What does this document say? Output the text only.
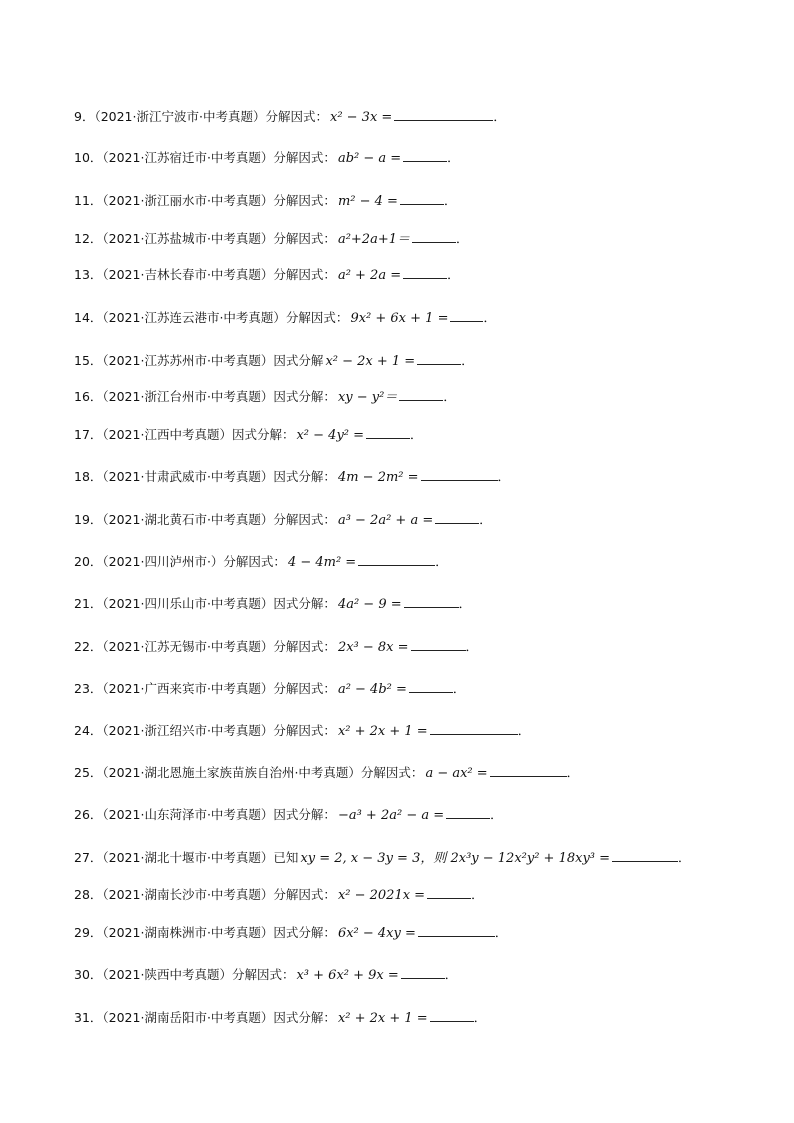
9．（2021·浙江宁波市·中考真题）分解因式： x² − 3x =	．
10．（2021·江苏宿迁市·中考真题）分解因式： ab² − a =	．
11．（2021·浙江丽水市·中考真题）分解因式： m² − 4 =	．
12．（2021·江苏盐城市·中考真题）分解因式： a²+2a+1＝	．
13．（2021·吉林长春市·中考真题）分解因式： a² + 2a =	．
14．（2021·江苏连云港市·中考真题）分解因式： 9x² + 6x + 1 =	．
15．（2021·江苏苏州市·中考真题）因式分解 x² − 2x + 1 =	．
16．（2021·浙江台州市·中考真题）因式分解： xy − y²＝	．
17．（2021·江西中考真题）因式分解： x² − 4y² =	．
18．（2021·甘肃武威市·中考真题）因式分解： 4m − 2m² =	．
19．（2021·湖北黄石市·中考真题）分解因式： a³ − 2a² + a =	．
20．（2021·四川泸州市·）分解因式： 4 − 4m² =	．
21．（2021·四川乐山市·中考真题）因式分解： 4a² − 9 =	．
22．（2021·江苏无锡市·中考真题）分解因式： 2x³ − 8x =	．
23．（2021·广西来宾市·中考真题）分解因式： a² − 4b² =	．
24．（2021·浙江绍兴市·中考真题）分解因式： x² + 2x + 1 =	．
25．（2021·湖北恩施土家族苗族自治州·中考真题）分解因式： a − ax² =	．
26．（2021·山东菏泽市·中考真题）因式分解： −a³ + 2a² − a =	．
27．（2021·湖北十堰市·中考真题）已知 xy = 2, x − 3y = 3，则 2x³y − 12x²y² + 18xy³ =	．
28．（2021·湖南长沙市·中考真题）分解因式： x² − 2021x =	．
29．（2021·湖南株洲市·中考真题）因式分解： 6x² − 4xy =	．
30．（2021·陕西中考真题）分解因式： x³ + 6x² + 9x =	．
31．（2021·湖南岳阳市·中考真题）因式分解： x² + 2x + 1 =	．
